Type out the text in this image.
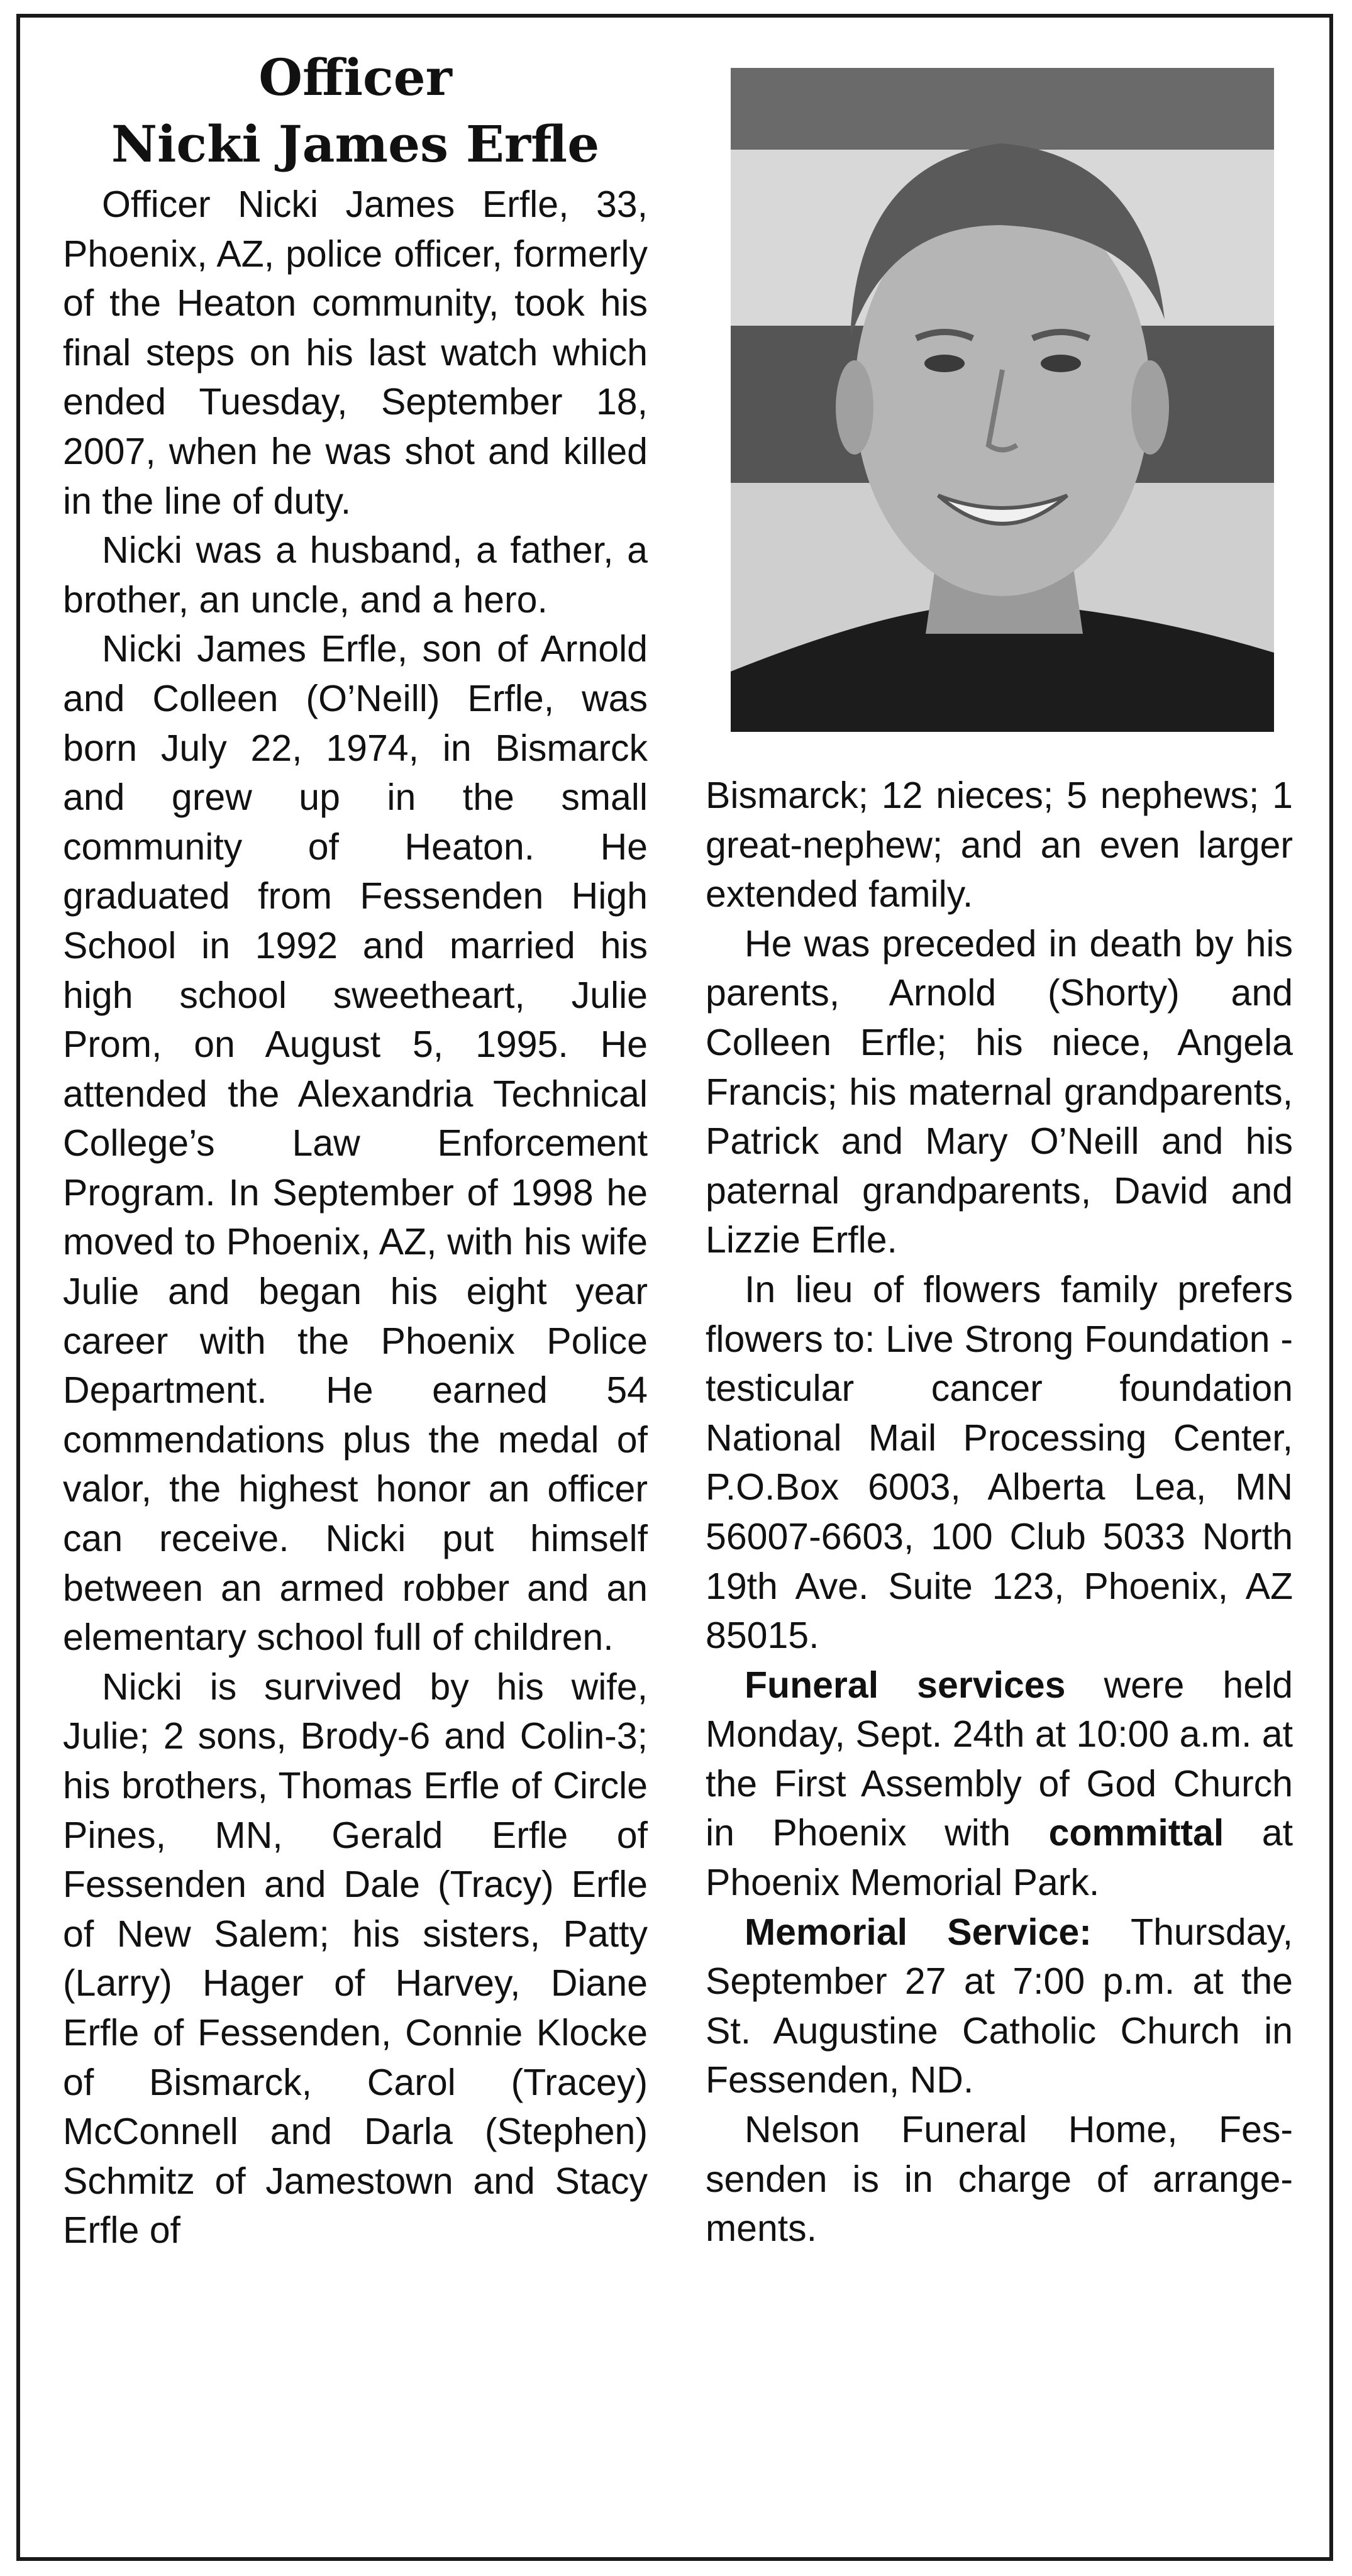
Officer
Nicki James Erfle

Officer Nicki James Erfle, 33, Phoenix, AZ, police officer, formerly of the Heaton community, took his final steps on his last watch which ended Tuesday, September 18, 2007, when he was shot and killed in the line of duty.

Nicki was a husband, a father, a brother, an uncle, and a hero.

Nicki James Erfle, son of Arnold and Colleen (O’Neill) Erfle, was born July 22, 1974, in Bismarck and grew up in the small community of Heaton. He graduated from Fessenden High School in 1992 and married his high school sweetheart, Julie Prom, on August 5, 1995. He attended the Alexandria Technical College’s Law Enforcement Program. In September of 1998 he moved to Phoenix, AZ, with his wife Julie and began his eight year career with the Phoenix Police Department. He earned 54 commendations plus the medal of valor, the highest honor an officer can receive. Nicki put himself between an armed robber and an elementary school full of children.

Nicki is survived by his wife, Julie; 2 sons, Brody-6 and Colin-3; his brothers, Thomas Erfle of Circle Pines, MN, Gerald Erfle of Fessenden and Dale (Tracy) Erfle of New Salem; his sisters, Patty (Larry) Hager of Harvey, Diane Erfle of Fessenden, Connie Klocke of Bismarck, Carol (Tracey) McConnell and Darla (Stephen) Schmitz of Jamestown and Stacy Erfle of

Bismarck; 12 nieces; 5 nephews; 1 great-nephew; and an even larger extended family.

He was preceded in death by his parents, Arnold (Shorty) and Colleen Erfle; his niece, Angela Francis; his maternal grandparents, Patrick and Mary O’Neill and his paternal grandparents, David and Lizzie Erfle.

In lieu of flowers family prefers flowers to: Live Strong Foundation - testicular cancer foundation National Mail Processing Center, P.O.Box 6003, Alberta Lea, MN 56007-6603, 100 Club 5033 North 19th Ave. Suite 123, Phoenix, AZ 85015.

Funeral services were held Monday, Sept. 24th at 10:00 a.m. at the First Assembly of God Church in Phoenix with committal at Phoenix Memorial Park.

Memorial Service: Thursday, September 27 at 7:00 p.m. at the St. Augustine Catholic Church in Fessenden, ND.

Nelson Funeral Home, Fessenden is in charge of arrangements.
